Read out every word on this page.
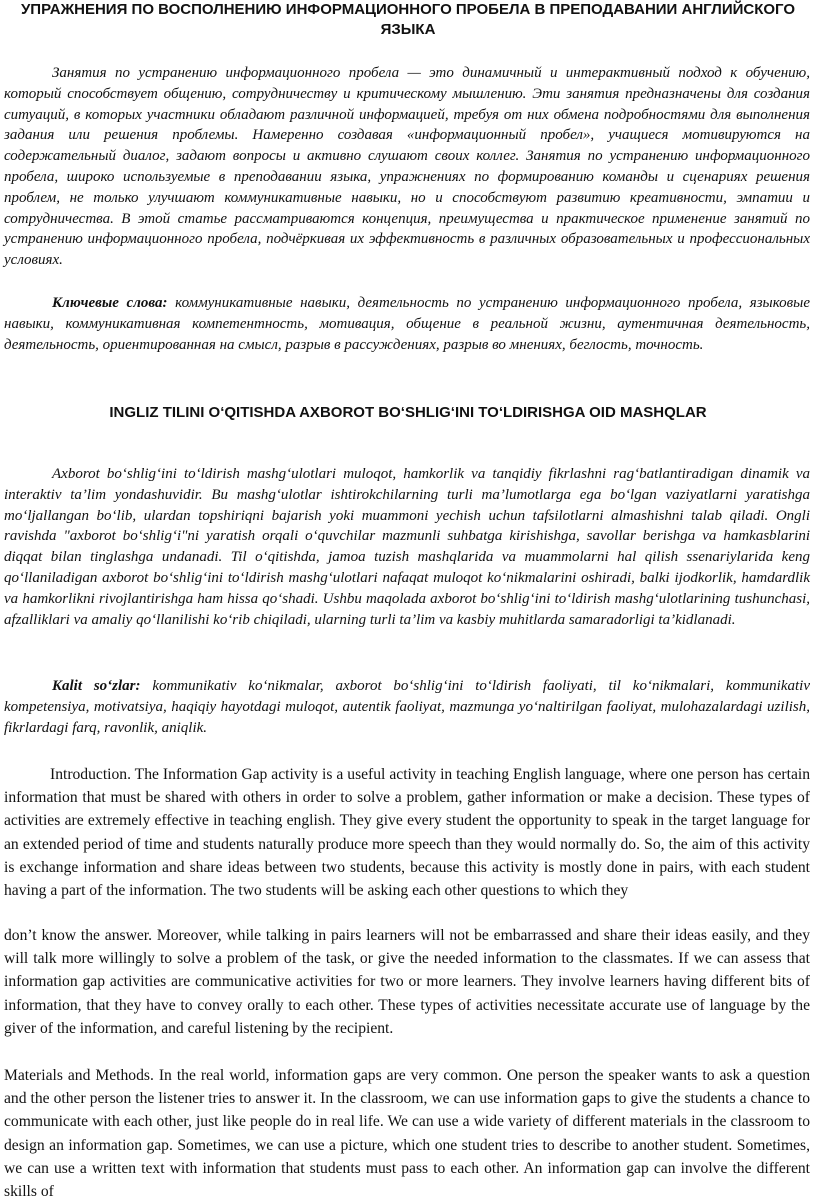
УПРАЖНЕНИЯ ПО ВОСПОЛНЕНИЮ ИНФОРМАЦИОННОГО ПРОБЕЛА В ПРЕПОДАВАНИИ АНГЛИЙСКОГО ЯЗЫКА
Занятия по устранению информационного пробела — это динамичный и интерактивный подход к обучению, который способствует общению, сотрудничеству и критическому мышлению. Эти занятия предназначены для создания ситуаций, в которых участники обладают различной информацией, требуя от них обмена подробностями для выполнения задания или решения проблемы. Намеренно создавая «информационный пробел», учащиеся мотивируются на содержательный диалог, задают вопросы и активно слушают своих коллег. Занятия по устранению информационного пробела, широко используемые в преподавании языка, упражнениях по формированию команды и сценариях решения проблем, не только улучшают коммуникативные навыки, но и способствуют развитию креативности, эмпатии и сотрудничества. В этой статье рассматриваются концепция, преимущества и практическое применение занятий по устранению информационного пробела, подчёркивая их эффективность в различных образовательных и профессиональных условиях.
Ключевые слова: коммуникативные навыки, деятельность по устранению информационного пробела, языковые навыки, коммуникативная компетентность, мотивация, общение в реальной жизни, аутентичная деятельность, деятельность, ориентированная на смысл, разрыв в рассуждениях, разрыв во мнениях, беглость, точность.
INGLIZ TILINI O‘QITISHDA AXBOROT BO‘SHLIG‘INI TO‘LDIRISHGA OID MASHQLAR
Axborot bo‘shlig‘ini to‘ldirish mashg‘ulotlari muloqot, hamkorlik va tanqidiy fikrlashni rag‘batlantiradigan dinamik va interaktiv ta’lim yondashuvidir. Bu mashg‘ulotlar ishtirokchilarning turli ma’lumotlarga ega bo‘lgan vaziyatlarni yaratishga mo‘ljallangan bo‘lib, ulardan topshiriqni bajarish yoki muammoni yechish uchun tafsilotlarni almashishni talab qiladi. Ongli ravishda "axborot bo‘shlig‘i"ni yaratish orqali o‘quvchilar mazmunli suhbatga kirishishga, savollar berishga va hamkasblarini diqqat bilan tinglashga undanadi. Til o‘qitishda, jamoa tuzish mashqlarida va muammolarni hal qilish ssenariylarida keng qo‘llaniladigan axborot bo‘shlig‘ini to‘ldirish mashg‘ulotlari nafaqat muloqot ko‘nikmalarini oshiradi, balki ijodkorlik, hamdardlik va hamkorlikni rivojlantirishga ham hissa qo‘shadi. Ushbu maqolada axborot bo‘shlig‘ini to‘ldirish mashg‘ulotlarining tushunchasi, afzalliklari va amaliy qo‘llanilishi ko‘rib chiqiladi, ularning turli ta’lim va kasbiy muhitlarda samaradorligi ta’kidlanadi.
Kalit so‘zlar: kommunikativ ko‘nikmalar, axborot bo‘shlig‘ini to‘ldirish faoliyati, til ko‘nikmalari, kommunikativ kompetensiya, motivatsiya, haqiqiy hayotdagi muloqot, autentik faoliyat, mazmunga yo‘naltirilgan faoliyat, mulohazalardagi uzilish, fikrlardagi farq, ravonlik, aniqlik.
Introduction. The Information Gap activity is a useful activity in teaching English language, where one person has certain information that must be shared with others in order to solve a problem, gather information or make a decision. These types of activities are extremely effective in teaching english. They give every student the opportunity to speak in the target language for an extended period of time and students naturally produce more speech than they would normally do. So, the aim of this activity is exchange information and share ideas between two students, because this activity is mostly done in pairs, with each student having a part of the information. The two students will be asking each other questions to which they
don’t know the answer. Moreover, while talking in pairs learners will not be embarrassed and share their ideas easily, and they will talk more willingly to solve a problem of the task, or give the needed information to the classmates. If we can assess that information gap activities are communicative activities for two or more learners. They involve learners having different bits of information, that they have to convey orally to each other. These types of activities necessitate accurate use of language by the giver of the information, and careful listening by the recipient.
Materials and Methods. In the real world, information gaps are very common. One person the speaker wants to ask a question and the other person the listener tries to answer it. In the classroom, we can use information gaps to give the students a chance to communicate with each other, just like people do in real life. We can use a wide variety of different materials in the classroom to design an information gap. Sometimes, we can use a picture, which one student tries to describe to another student. Sometimes, we can use a written text with information that students must pass to each other. An information gap can involve the different skills of
